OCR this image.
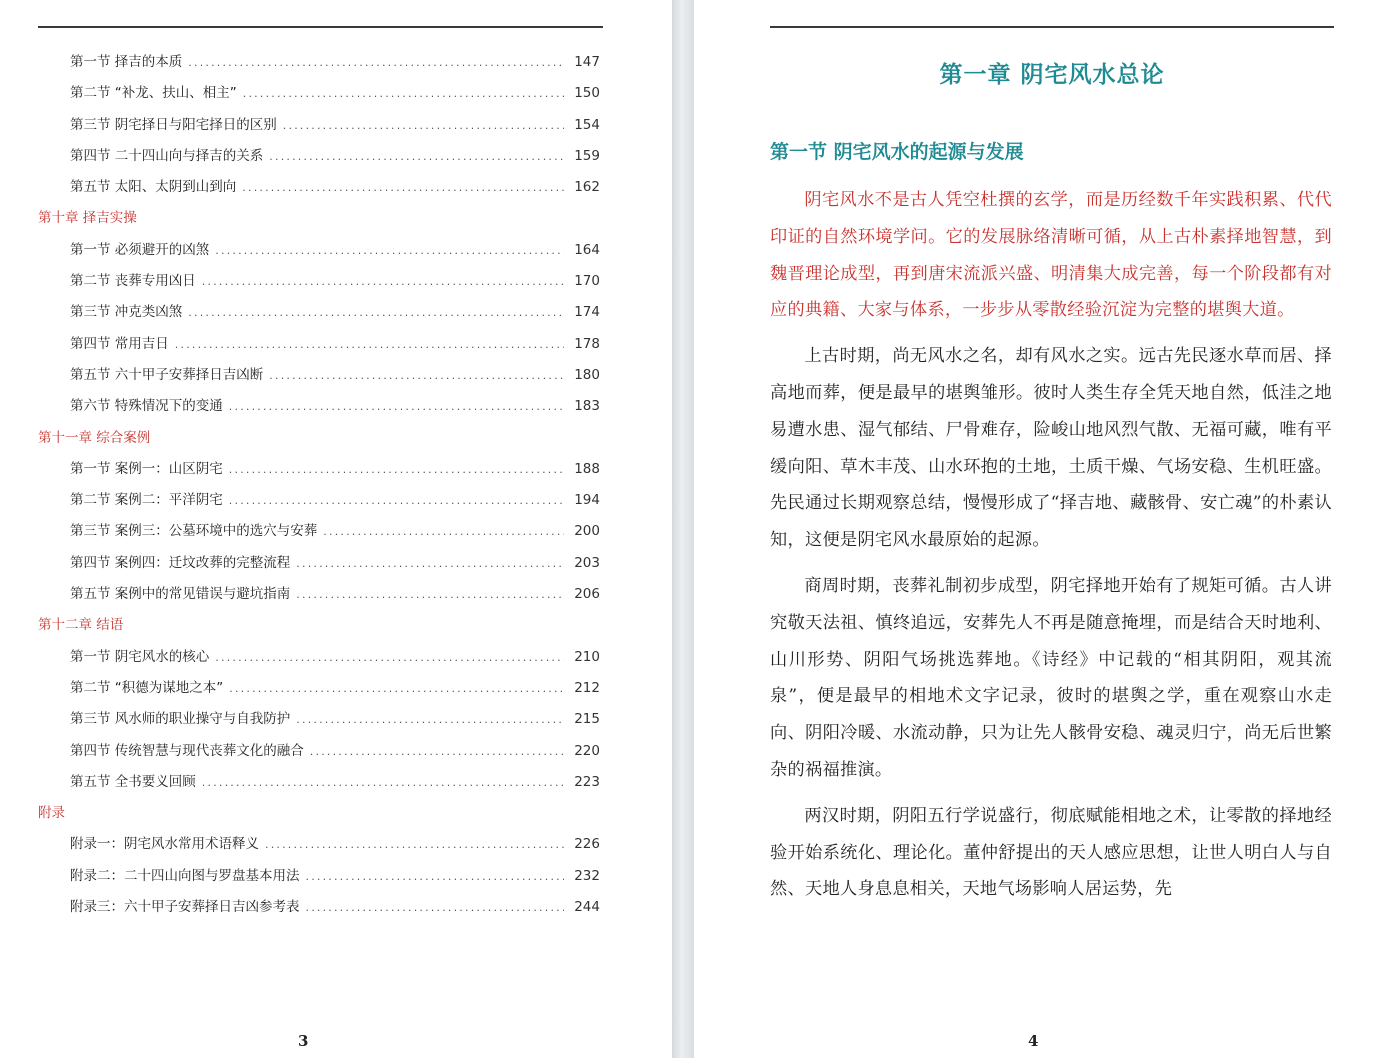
第一节 择吉的本质 .....	147
第二节 “补龙、扶山、相主” .....	150
第三节 阴宅择日与阳宅择日的区别 .....	154
第四节 二十四山向与择吉的关系 .....	159
第五节 太阳、太阴到山到向 .....	162
第十章 择吉实操
第一节 必须避开的凶煞 .....	164
第二节 丧葬专用凶日 .....	170
第三节 冲克类凶煞 .....	174
第四节 常用吉日 .....	178
第五节 六十甲子安葬择日吉凶断 .....	180
第六节 特殊情况下的变通 .....	183
第十一章 综合案例
第一节 案例一：山区阴宅 .....	188
第二节 案例二：平洋阴宅 .....	194
第三节 案例三：公墓环境中的选穴与安葬 .....	200
第四节 案例四：迁坟改葬的完整流程 .....	203
第五节 案例中的常见错误与避坑指南 .....	206
第十二章 结语
第一节 阴宅风水的核心 .....	210
第二节 “积德为谋地之本” .....	212
第三节 风水师的职业操守与自我防护 .....	215
第四节 传统智慧与现代丧葬文化的融合 .....	220
第五节 全书要义回顾 .....	223
附录
附录一：阴宅风水常用术语释义 .....	226
附录二：二十四山向图与罗盘基本用法 .....	232
附录三：六十甲子安葬择日吉凶参考表 .....	244
3
第一章 阴宅风水总论
第一节 阴宅风水的起源与发展

阴宅风水不是古人凭空杜撰的玄学，而是历经数千年实践积累、代代印证的自然环境学问。它的发展脉络清晰可循，从上古朴素择地智慧，到魏晋理论成型，再到唐宋流派兴盛、明清集大成完善，每一个阶段都有对应的典籍、大家与体系，一步步从零散经验沉淀为完整的堪舆大道。

上古时期，尚无风水之名，却有风水之实。远古先民逐水草而居、择高地而葬，便是最早的堪舆雏形。彼时人类生存全凭天地自然，低洼之地易遭水患、湿气郁结、尸骨难存，险峻山地风烈气散、无福可藏，唯有平缓向阳、草木丰茂、山水环抱的土地，土质干燥、气场安稳、生机旺盛。先民通过长期观察总结，慢慢形成了“择吉地、藏骸骨、安亡魂”的朴素认知，这便是阴宅风水最原始的起源。

商周时期，丧葬礼制初步成型，阴宅择地开始有了规矩可循。古人讲究敬天法祖、慎终追远，安葬先人不再是随意掩埋，而是结合天时地利、山川形势、阴阳气场挑选葬地。《诗经》中记载的“相其阴阳，观其流泉”，便是最早的相地术文字记录，彼时的堪舆之学，重在观察山水走向、阴阳冷暖、水流动静，只为让先人骸骨安稳、魂灵归宁，尚无后世繁杂的祸福推演。

两汉时期，阴阳五行学说盛行，彻底赋能相地之术，让零散的择地经验开始系统化、理论化。董仲舒提出的天人感应思想，让世人明白人与自然、天地人身息息相关，天地气场影响人居运势，先

4
